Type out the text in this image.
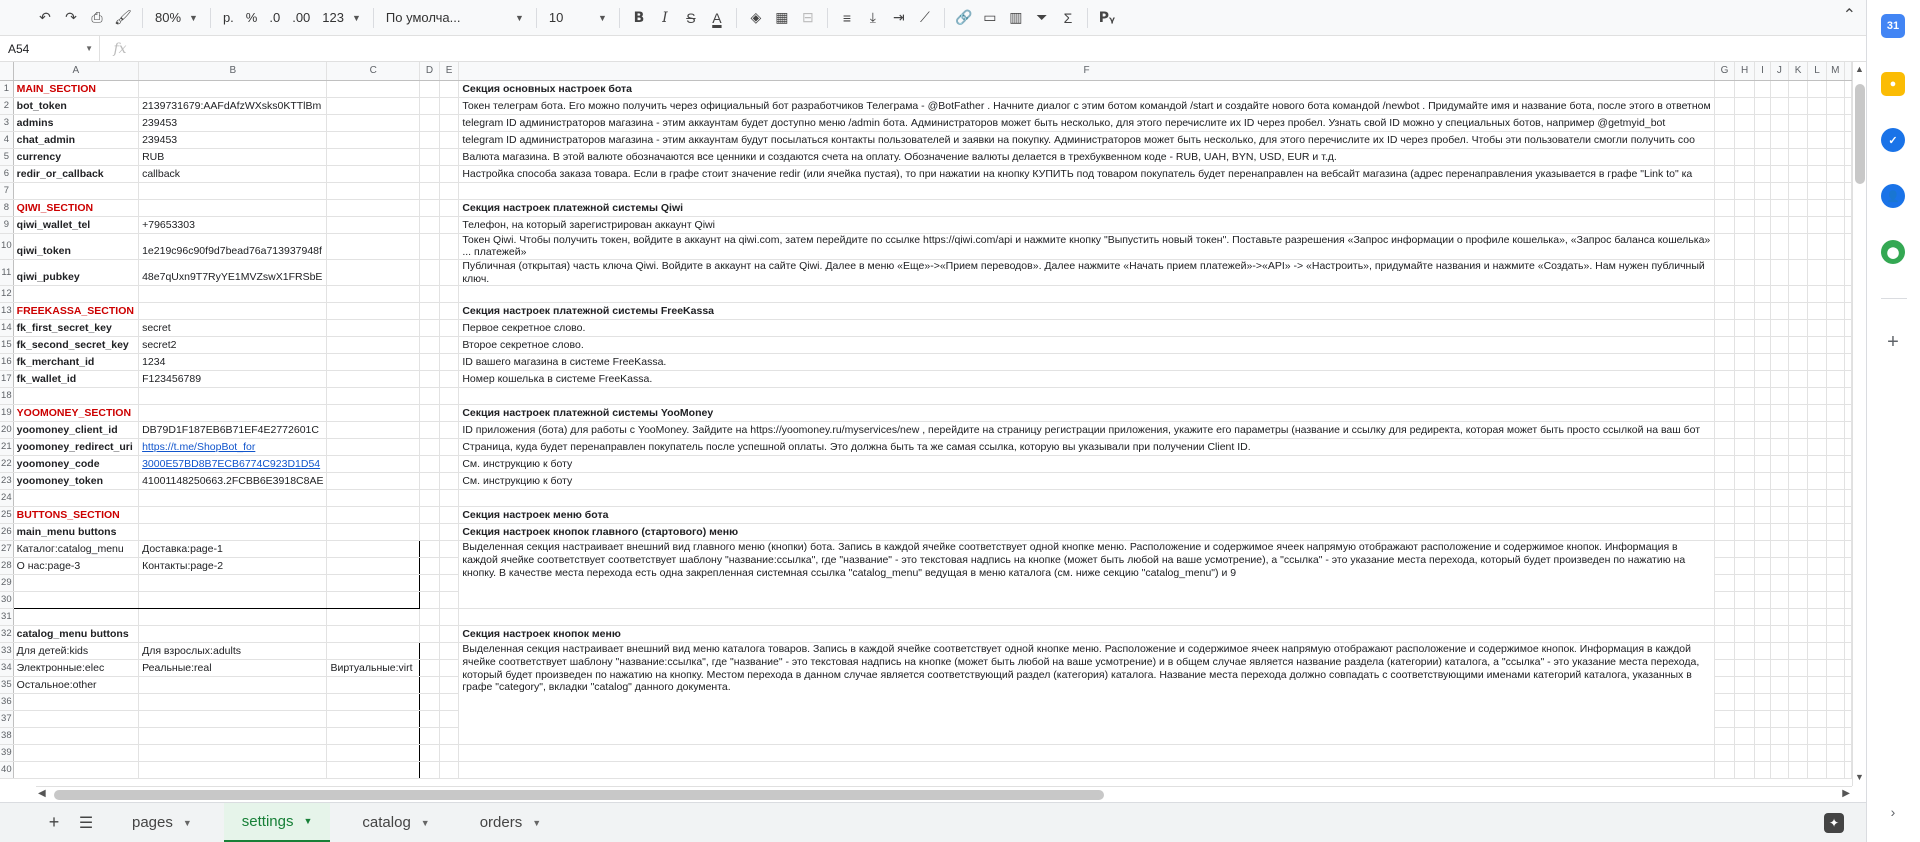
↶	↷	⎙ 🖌	80% ▼	р. % .0 .00 123 ▼ По умолча...	▼ 10	▼	B	I	S	A	◈ ▦ ⊟	≡	⤓	⇥	⟋	🔗 ▭ ▥ ⏷	Σ	Pᵧ	⌃
A54	▼	fx
	A	B	C	D	E	F	G	H	I	J	K	L	M	
1	MAIN_SECTION					Секция основных настроек бота								
2	bot_token	2139731679:AAFdAfzWXsks0KTTlBm				Токен телеграм бота. Его можно получить через официальный бот разработчиков Телеграма - @BotFather . Начните диалог с этим ботом командой /start и создайте нового бота командой /newbot . Придумайте имя и название бота, после этого в ответном								
3	admins	239453				telegram ID администраторов магазина - этим аккаунтам будет доступно меню /admin бота. Администраторов может быть несколько, для этого перечислите их ID через пробел. Узнать свой ID можно у специальных ботов, например @getmyid_bot								
4	chat_admin	239453				telegram ID администраторов магазина - этим аккаунтам будут посылаться контакты пользователей и заявки на покупку. Администраторов может быть несколько, для этого перечислите их ID через пробел. Чтобы эти пользователи смогли получить соо								
5	currency	RUB				Валюта магазина. В этой валюте обозначаются все ценники и создаются счета на оплату. Обозначение валюты делается в трехбуквенном коде - RUB, UAH, BYN, USD, EUR и т.д.								
6	redir_or_callback	callback				Настройка способа заказа товара. Если в графе стоит значение redir (или ячейка пустая), то при нажатии на кнопку КУПИТЬ под товаром покупатель будет перенаправлен на вебсайт магазина (адрес перенаправления указывается в графе "Link to" ка								
7														
8	QIWI_SECTION					Секция настроек платежной системы Qiwi								
9	qiwi_wallet_tel	+79653303				Телефон, на который зарегистрирован аккаунт Qiwi								
10	qiwi_token	1e219c96c90f9d7bead76a713937948f				Токен Qiwi. Чтобы получить токен, войдите в аккаунт на qiwi.com, затем перейдите по ссылке https://qiwi.com/api и нажмите кнопку "Выпустить новый токен". Поставьте разрешения «Запрос информации о профиле кошелька», «Запрос баланса кошелька» ... платежей»								
11	qiwi_pubkey	48e7qUxn9T7RyYE1MVZswX1FRSbE				Публичная (открытая) часть ключа Qiwi. Войдите в аккаунт на сайте Qiwi. Далее в меню «Еще»->«Прием переводов». Далее нажмите «Начать прием платежей»->«API» -> «Настроить», придумайте названия и нажмите «Создать». Нам нужен публичный ключ.								
12														
13	FREEKASSA_SECTION					Секция настроек платежной системы FreeKassa								
14	fk_first_secret_key	secret				Первое секретное слово.								
15	fk_second_secret_key	secret2				Второе секретное слово.								
16	fk_merchant_id	1234				ID вашего магазина в системе FreeKassa.								
17	fk_wallet_id	F123456789				Номер кошелька в системе FreeKassa.								
18														
19	YOOMONEY_SECTION					Секция настроек платежной системы YooMoney								
20	yoomoney_client_id	DB79D1F187EB6B71EF4E2772601C				ID приложения (бота) для работы с YooMoney. Зайдите на https://yoomoney.ru/myservices/new , перейдите на страницу регистрации приложения, укажите его параметры (название и ссылку для редиректа, которая может быть просто ссылкой на ваш бот								
21	yoomoney_redirect_uri	https://t.me/ShopBot_for				Страница, куда будет перенаправлен покупатель после успешной оплаты. Это должна быть та же самая ссылка, которую вы указывали при получении Client ID.								
22	yoomoney_code	3000E57BD8B7ECB6774C923D1D54				См. инструкцию к боту								
23	yoomoney_token	41001148250663.2FCBB6E3918C8AE				См. инструкцию к боту								
24														
25	BUTTONS_SECTION					Секция настроек меню бота								
26	main_menu buttons					Секция настроек кнопок главного (стартового) меню								
27	Каталог:catalog_menu	Доставка:page-1				Выделенная секция настраивает внешний вид главного меню (кнопки) бота. Запись в каждой ячейке соответствует одной кнопке меню. Расположение и содержимое ячеек напрямую отображают расположение и содержимое кнопок. Информация в каждой ячейке соответствует соответствует шаблону "название:ссылка", где "название" - это текстовая надпись на кнопке (может быть любой на ваше усмотрение), а "ссылка" - это указание места перехода, который будет произведен по нажатию на кнопку. В качестве места перехода есть одна закрепленная системная ссылка "catalog_menu" ведущая в меню каталога (см. ниже секцию "catalog_menu") и 9								
28	О нас:page-3	Контакты:page-2												
29														
30														
31														
32	catalog_menu buttons					Секция настроек кнопок меню								
33	Для детей:kids	Для взрослых:adults				Выделенная секция настраивает внешний вид меню каталога товаров. Запись в каждой ячейке соответствует одной кнопке меню. Расположение и содержимое ячеек напрямую отображают расположение и содержимое кнопок. Информация в каждой ячейке соответствует шаблону "название:ссылка", где "название" - это текстовая надпись на кнопке (может быть любой на ваше усмотрение) и в общем случае является название раздела (категории) каталога, а "ссылка" - это указание места перехода, который будет произведен по нажатию на кнопку. Местом перехода в данном случае является соответствующий раздел (категория) каталога. Название места перехода должно совпадать с соответствующими именами категорий каталога, указанных в графе "category", вкладки "catalog" данного документа.								
34	Электронные:elec	Реальные:real	Виртуальные:virt											
35	Остальное:other													
36														
37														
38														
39														
40														
▲
▼
◀	▶
+	☰	pages ▼	settings ▼	catalog ▼	orders ▼	✦
31
●
✓
👤
⬤
+
›
